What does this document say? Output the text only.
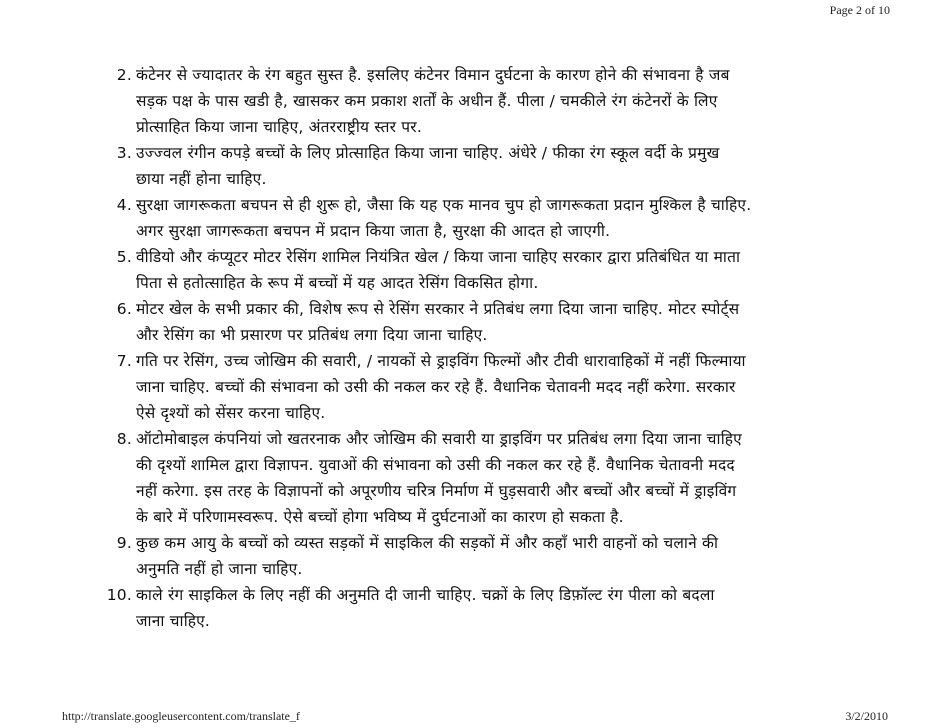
Page 2 of 10
2. कंटेनर से ज्यादातर के रंग बहुत सुस्त है. इसलिए कंटेनर विमान दुर्घटना के कारण होने की संभावना है जब
सड़क पक्ष के पास खडी है, खासकर कम प्रकाश शर्तों के अधीन हैं. पीला / चमकीले रंग कंटेनरों के लिए
प्रोत्साहित किया जाना चाहिए, अंतरराष्ट्रीय स्तर पर.
3. उज्ज्वल रंगीन कपड़े बच्चों के लिए प्रोत्साहित किया जाना चाहिए. अंधेरे / फीका रंग स्कूल वर्दी के प्रमुख
छाया नहीं होना चाहिए.
4. सुरक्षा जागरूकता बचपन से ही शुरू हो, जैसा कि यह एक मानव चुप हो जागरूकता प्रदान मुश्किल है चाहिए.
अगर सुरक्षा जागरूकता बचपन में प्रदान किया जाता है, सुरक्षा की आदत हो जाएगी.
5. वीडियो और कंप्यूटर मोटर रेसिंग शामिल नियंत्रित खेल / किया जाना चाहिए सरकार द्वारा प्रतिबंधित या माता
पिता से हतोत्साहित के रूप में बच्चों में यह आदत रेसिंग विकसित होगा.
6. मोटर खेल के सभी प्रकार की, विशेष रूप से रेसिंग सरकार ने प्रतिबंध लगा दिया जाना चाहिए. मोटर स्पोर्ट्स
और रेसिंग का भी प्रसारण पर प्रतिबंध लगा दिया जाना चाहिए.
7. गति पर रेसिंग, उच्च जोखिम की सवारी, / नायकों से ड्राइविंग फिल्मों और टीवी धारावाहिकों में नहीं फिल्माया
जाना चाहिए. बच्चों की संभावना को उसी की नकल कर रहे हैं. वैधानिक चेतावनी मदद नहीं करेगा. सरकार
ऐसे दृश्यों को सेंसर करना चाहिए.
8. ऑटोमोबाइल कंपनियां जो खतरनाक और जोखिम की सवारी या ड्राइविंग पर प्रतिबंध लगा दिया जाना चाहिए
की दृश्यों शामिल द्वारा विज्ञापन. युवाओं की संभावना को उसी की नकल कर रहे हैं. वैधानिक चेतावनी मदद
नहीं करेगा. इस तरह के विज्ञापनों को अपूरणीय चरित्र निर्माण में घुड़सवारी और बच्चों और बच्चों में ड्राइविंग
के बारे में परिणामस्वरूप. ऐसे बच्चों होगा भविष्य में दुर्घटनाओं का कारण हो सकता है.
9. कुछ कम आयु के बच्चों को व्यस्त सड़कों में साइकिल की सड़कों में और कहाँ भारी वाहनों को चलाने की
अनुमति नहीं हो जाना चाहिए.
10. काले रंग साइकिल के लिए नहीं की अनुमति दी जानी चाहिए. चक्रों के लिए डिफ़ॉल्ट रंग पीला को बदला
जाना चाहिए.
http://translate.googleusercontent.com/translate_f	3/2/2010
